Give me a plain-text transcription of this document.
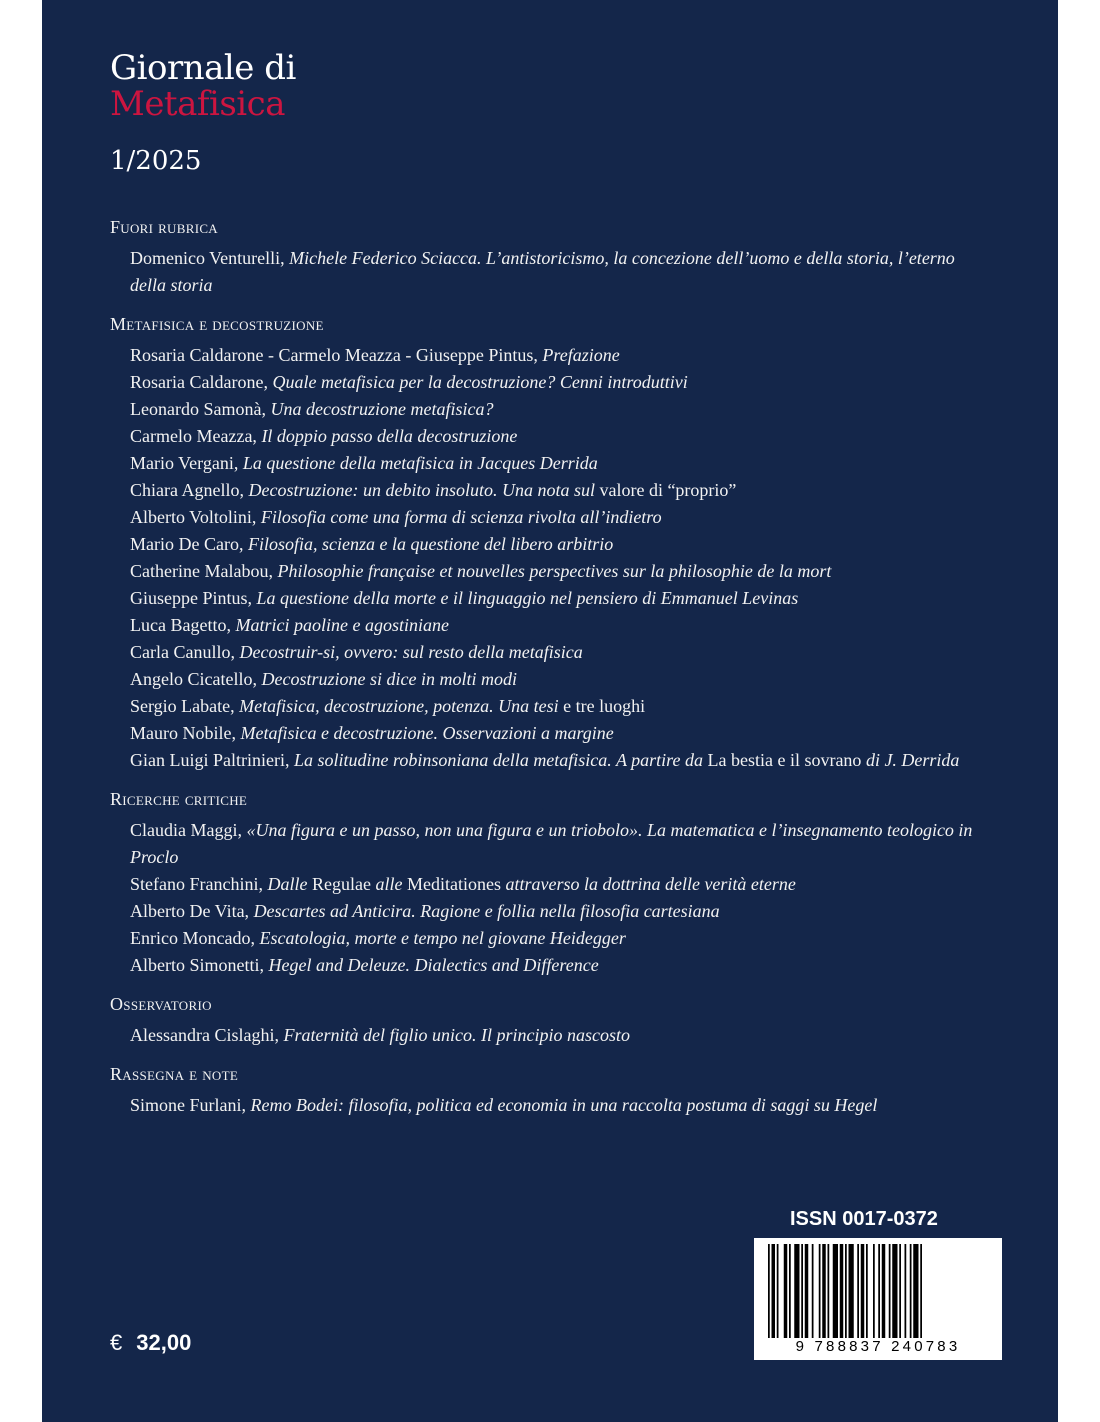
Giornale di
Metafisica
1/2025
Fuori rubrica
Domenico Venturelli, Michele Federico Sciacca. L’antistoricismo, la concezione dell’uomo e della storia, l’eterno della storia
Metafisica e decostruzione
Rosaria Caldarone - Carmelo Meazza - Giuseppe Pintus, Prefazione
Rosaria Caldarone, Quale metafisica per la decostruzione? Cenni introduttivi
Leonardo Samonà, Una decostruzione metafisica?
Carmelo Meazza, Il doppio passo della decostruzione
Mario Vergani, La questione della metafisica in Jacques Derrida
Chiara Agnello, Decostruzione: un debito insoluto. Una nota sul valore di “proprio”
Alberto Voltolini, Filosofia come una forma di scienza rivolta all’indietro
Mario De Caro, Filosofia, scienza e la questione del libero arbitrio
Catherine Malabou, Philosophie française et nouvelles perspectives sur la philosophie de la mort
Giuseppe Pintus, La questione della morte e il linguaggio nel pensiero di Emmanuel Levinas
Luca Bagetto, Matrici paoline e agostiniane
Carla Canullo, Decostruir-si, ovvero: sul resto della metafisica
Angelo Cicatello, Decostruzione si dice in molti modi
Sergio Labate, Metafisica, decostruzione, potenza. Una tesi e tre luoghi
Mauro Nobile, Metafisica e decostruzione. Osservazioni a margine
Gian Luigi Paltrinieri, La solitudine robinsoniana della metafisica. A partire da La bestia e il sovrano di J. Derrida
Ricerche critiche
Claudia Maggi, «Una figura e un passo, non una figura e un triobolo». La matematica e l’insegnamento teologico in Proclo
Stefano Franchini, Dalle Regulae alle Meditationes attraverso la dottrina delle verità eterne
Alberto De Vita, Descartes ad Anticira. Ragione e follia nella filosofia cartesiana
Enrico Moncado, Escatologia, morte e tempo nel giovane Heidegger
Alberto Simonetti, Hegel and Deleuze. Dialectics and Difference
Osservatorio
Alessandra Cislaghi, Fraternità del figlio unico. Il principio nascosto
Rassegna e note
Simone Furlani, Remo Bodei: filosofia, politica ed economia in una raccolta postuma di saggi su Hegel
ISSN 0017-0372
9 788837 240783
€ 32,00
